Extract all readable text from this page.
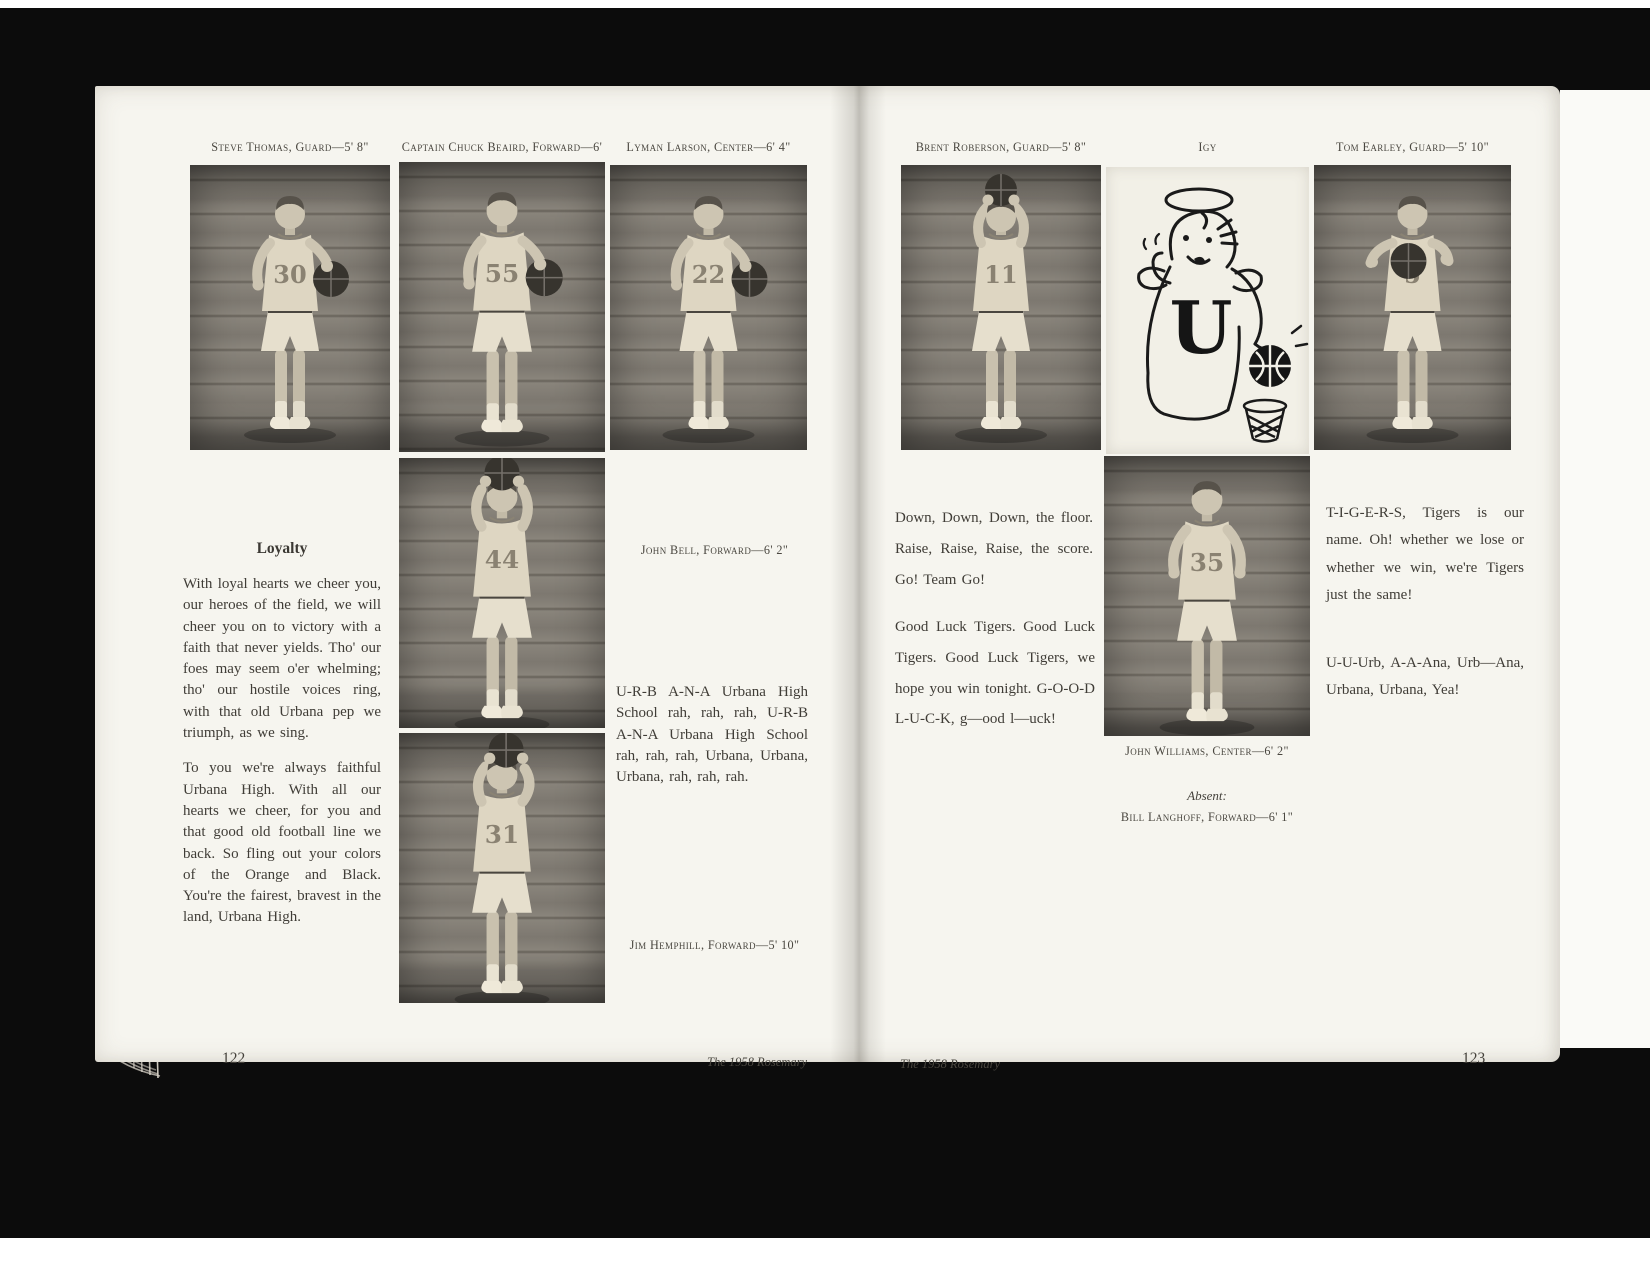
Steve Thomas, Guard—5' 8"	Captain Chuck Beaird, Forward—6'	Lyman Larson, Center—6' 4"
30	55	22
44
31
Loyalty

With loyal hearts we cheer you, our heroes of the field, we will cheer you on to victory with a faith that never yields. Tho' our foes may seem o'er whelming; tho' our hostile voices ring, with that old Urbana pep we triumph, as we sing.

To you we're always faithful Urbana High. With all our hearts we cheer, for you and that good old football line we back. So fling out your colors of the Orange and Black. You're the fairest, bravest in the land, Urbana High.

John Bell, Forward—6' 2"
U-R-B A-N-A Urbana High School rah, rah, rah, U-R-B A-N-A Urbana High School rah, rah, rah, Urbana, Urbana, Urbana, rah, rah, rah.
Jim Hemphill, Forward—5' 10"
122	The 1958 Rosemary
Brent Roberson, Guard—5' 8"	Igy	Tom Earley, Guard—5' 10"
11
U
35
Down, Down, Down, the floor. Raise, Raise, Raise, the score. Go! Team Go!
Good Luck Tigers. Good Luck Tigers. Good Luck Tigers, we hope you win tonight. G-O-O-D L-U-C-K, g—ood l—uck!
T-I-G-E-R-S, Tigers is our name. Oh! whether we lose or whether we win, we're Tigers just the same!
U-U-Urb, A-A-Ana, Urb—Ana, Urbana, Urbana, Yea!
John Williams, Center—6' 2"
Absent:
Bill Langhoff, Forward—6' 1"
The 1958 Rosemary	123
